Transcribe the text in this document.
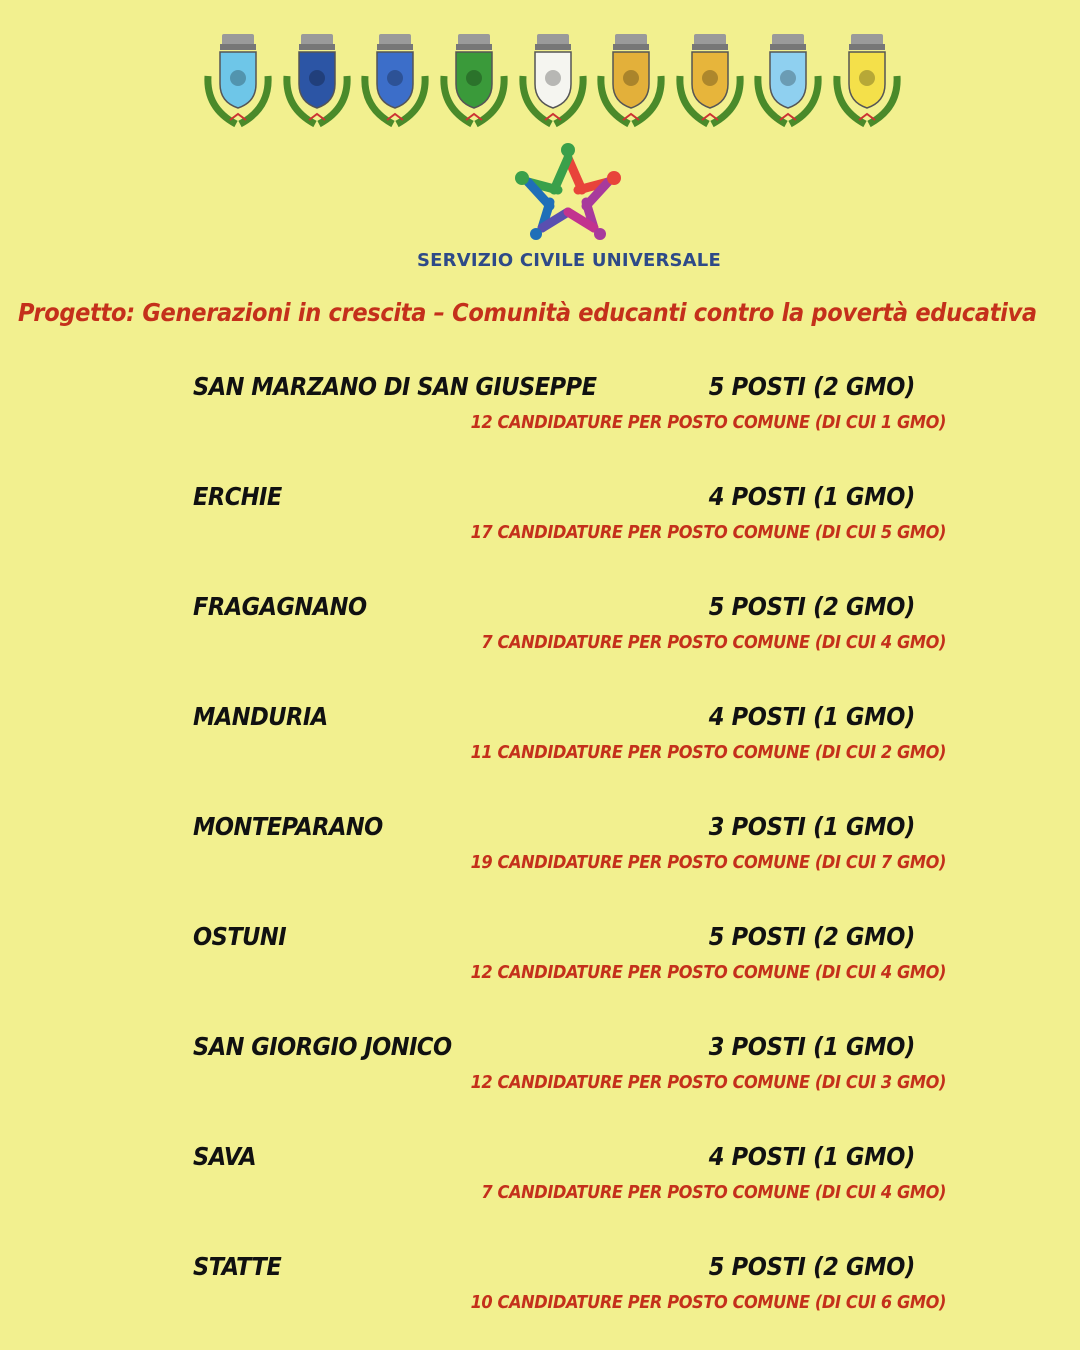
SERVIZIO CIVILE UNIVERSALE
Progetto: Generazioni in crescita – Comunità educanti contro la povertà educativa
SAN MARZANO DI SAN GIUSEPPE	5 POSTI (2 GMO)
12 CANDIDATURE PER POSTO COMUNE (DI CUI 1 GMO)
ERCHIE	4 POSTI (1 GMO)
17 CANDIDATURE PER POSTO COMUNE (DI CUI 5 GMO)
FRAGAGNANO	5 POSTI (2 GMO)
7 CANDIDATURE PER POSTO COMUNE (DI CUI 4 GMO)
MANDURIA	4 POSTI (1 GMO)
11 CANDIDATURE PER POSTO COMUNE (DI CUI 2 GMO)
MONTEPARANO	3 POSTI (1 GMO)
19 CANDIDATURE PER POSTO COMUNE (DI CUI 7 GMO)
OSTUNI	5 POSTI (2 GMO)
12 CANDIDATURE PER POSTO COMUNE (DI CUI 4 GMO)
SAN GIORGIO JONICO	3 POSTI (1 GMO)
12 CANDIDATURE PER POSTO COMUNE (DI CUI 3 GMO)
SAVA	4 POSTI (1 GMO)
7 CANDIDATURE PER POSTO COMUNE (DI CUI 4 GMO)
STATTE	5 POSTI (2 GMO)
10 CANDIDATURE PER POSTO COMUNE (DI CUI 6 GMO)
